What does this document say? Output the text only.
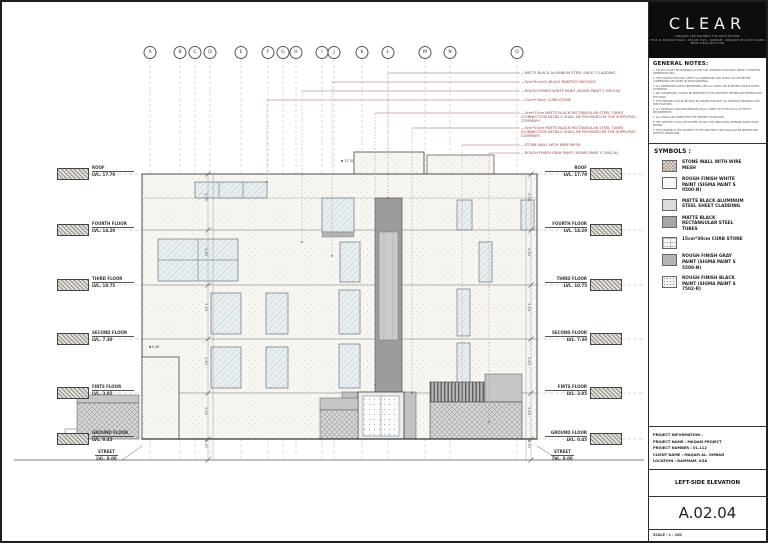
A	B	C	D	E	F	G	H	I	J	K	L	M	N	O
ROOF
LVL. 17.70
FOURTH FLOOR
LVL. 14.20
THIRD FLOOR
LVL. 10.75
SECOND FLOOR
LVL. 7.30
FIRTS FLOOR
LVL. 3.85
GROUND FLOOR
LVL. 0.45
ROOF
LVL. 17.70
FOURTH FLOOR
LVL. 14.20
THIRD FLOOR
LVL. 10.75
SECOND FLOOR
LVL. 7.30
FIRTS FLOOR
LVL. 3.85
GROUND FLOOR
LVL. 0.45
STREET
LVL. 0.00
STREET
LVL. 0.00
— MATTE BLACK ALUMINUM STEEL SHEET CLADDING
— 5cm*5cm(D) BLACK PAINTED GROOVES
— ROUGH FINISH WHITE PAINT (SIGMA PAINT S 0500-N)
— 15cm*30cm CURB STONE
— 5cm*10cm MATTE BLACK RECTANGULAR STEEL TUBES (CONNECTION DETAILS SHALL BE PROVIDED BY THE SUPPLYING COMPANY)
— 5cm*20cm MATTE BLACK RECTANGULAR STEEL TUBES (CONNECTION DETAILS SHALL BE PROVIDED BY THE SUPPLYING COMPANY)
— STONE WALL WITH WIRE MESH
— ROUGH FINISH GRAY PAINT (SIGMA PAINT S 5500-N)
3.50
3.45
3.45
3.45
3.40
0.45
3.50
3.45
3.45
3.45
3.40
0.45
▼ 17.70
▼ 0.40
CLEAR
ALMAQAM AND PARTNERS FOR ARCHITECTURE
7523 AL MADINAH ROAD - 909 KM 3523 - DAMMAM - KINGDOM OF SAUDI ARABIA
WWW.CLEAR-ARCH.COM
GENERAL NOTES:
1. DO NOT SCALE THE DRAWINGS IN CASE FOR CONSTRUCTION WORK, REFER TO WRITTEN DIMENSIONS ONLY.
2. THE CONTRACTOR SHALL VERIFY ALL DIMENSIONS AND LEVELS ON SITE BEFORE COMMENCING ANY WORK OR SHOP DRAWINGS.
3. ALL DIMENSIONS ARE IN CENTIMETERS AND ALL LEVELS ARE IN METERS UNLESS NOTED OTHERWISE.
4. ANY DISCREPANCY SHOULD BE REPORTED TO THE ARCHITECT BEFORE PROCEEDING WITH THE WORK.
5. THIS DRAWING SHOULD BE READ IN CONJUNCTION WITH ALL RELEVANT DRAWINGS AND SPECIFICATIONS.
6. ALL MATERIALS AND WORKMANSHIP SHALL COMPLY WITH THE LOCAL AUTHORITY REQUIREMENTS.
7. ALL LEVELS ARE TAKEN FROM THE FINISHED FLOOR LEVEL.
8. THE ARCHITECT SHALL BE NOTIFIED OF ANY SITE CONDITIONS DIFFERING FROM THOSE SHOWN.
9. THIS DRAWING IS THE PROPERTY OF THE ARCHITECT AND SHALL NOT BE REPRODUCED WITHOUT PERMISSION.
SYMBOLS :
STONE WALL WITH WIRE MESH
ROUGH FINISH WHITE PAINT (SIGMA PAINT S 0500-N)
MATTE BLACK ALUMINUM STEEL SHEET CLADDING
MATTE BLACK RECTANGULAR STEEL TUBES
15cm*30cm CURB STONE
ROUGH FINISH GRAY PAINT (SIGMA PAINT S 5500-N)
ROUGH FINISH BLACK PAINT (SIGMA PAINT S 7502-R)
PROJECT INFORMATION :
PROJECT NAME : MAQAM PROJECT
PROJECT NUMBER : 01.112
CLIENT NAME : MAQAM AL. OMRAN
LOCATION : DAMMAM, KSA
LEFT-SIDE ELEVATION
A.02.04
SCALE / 1 : 100
